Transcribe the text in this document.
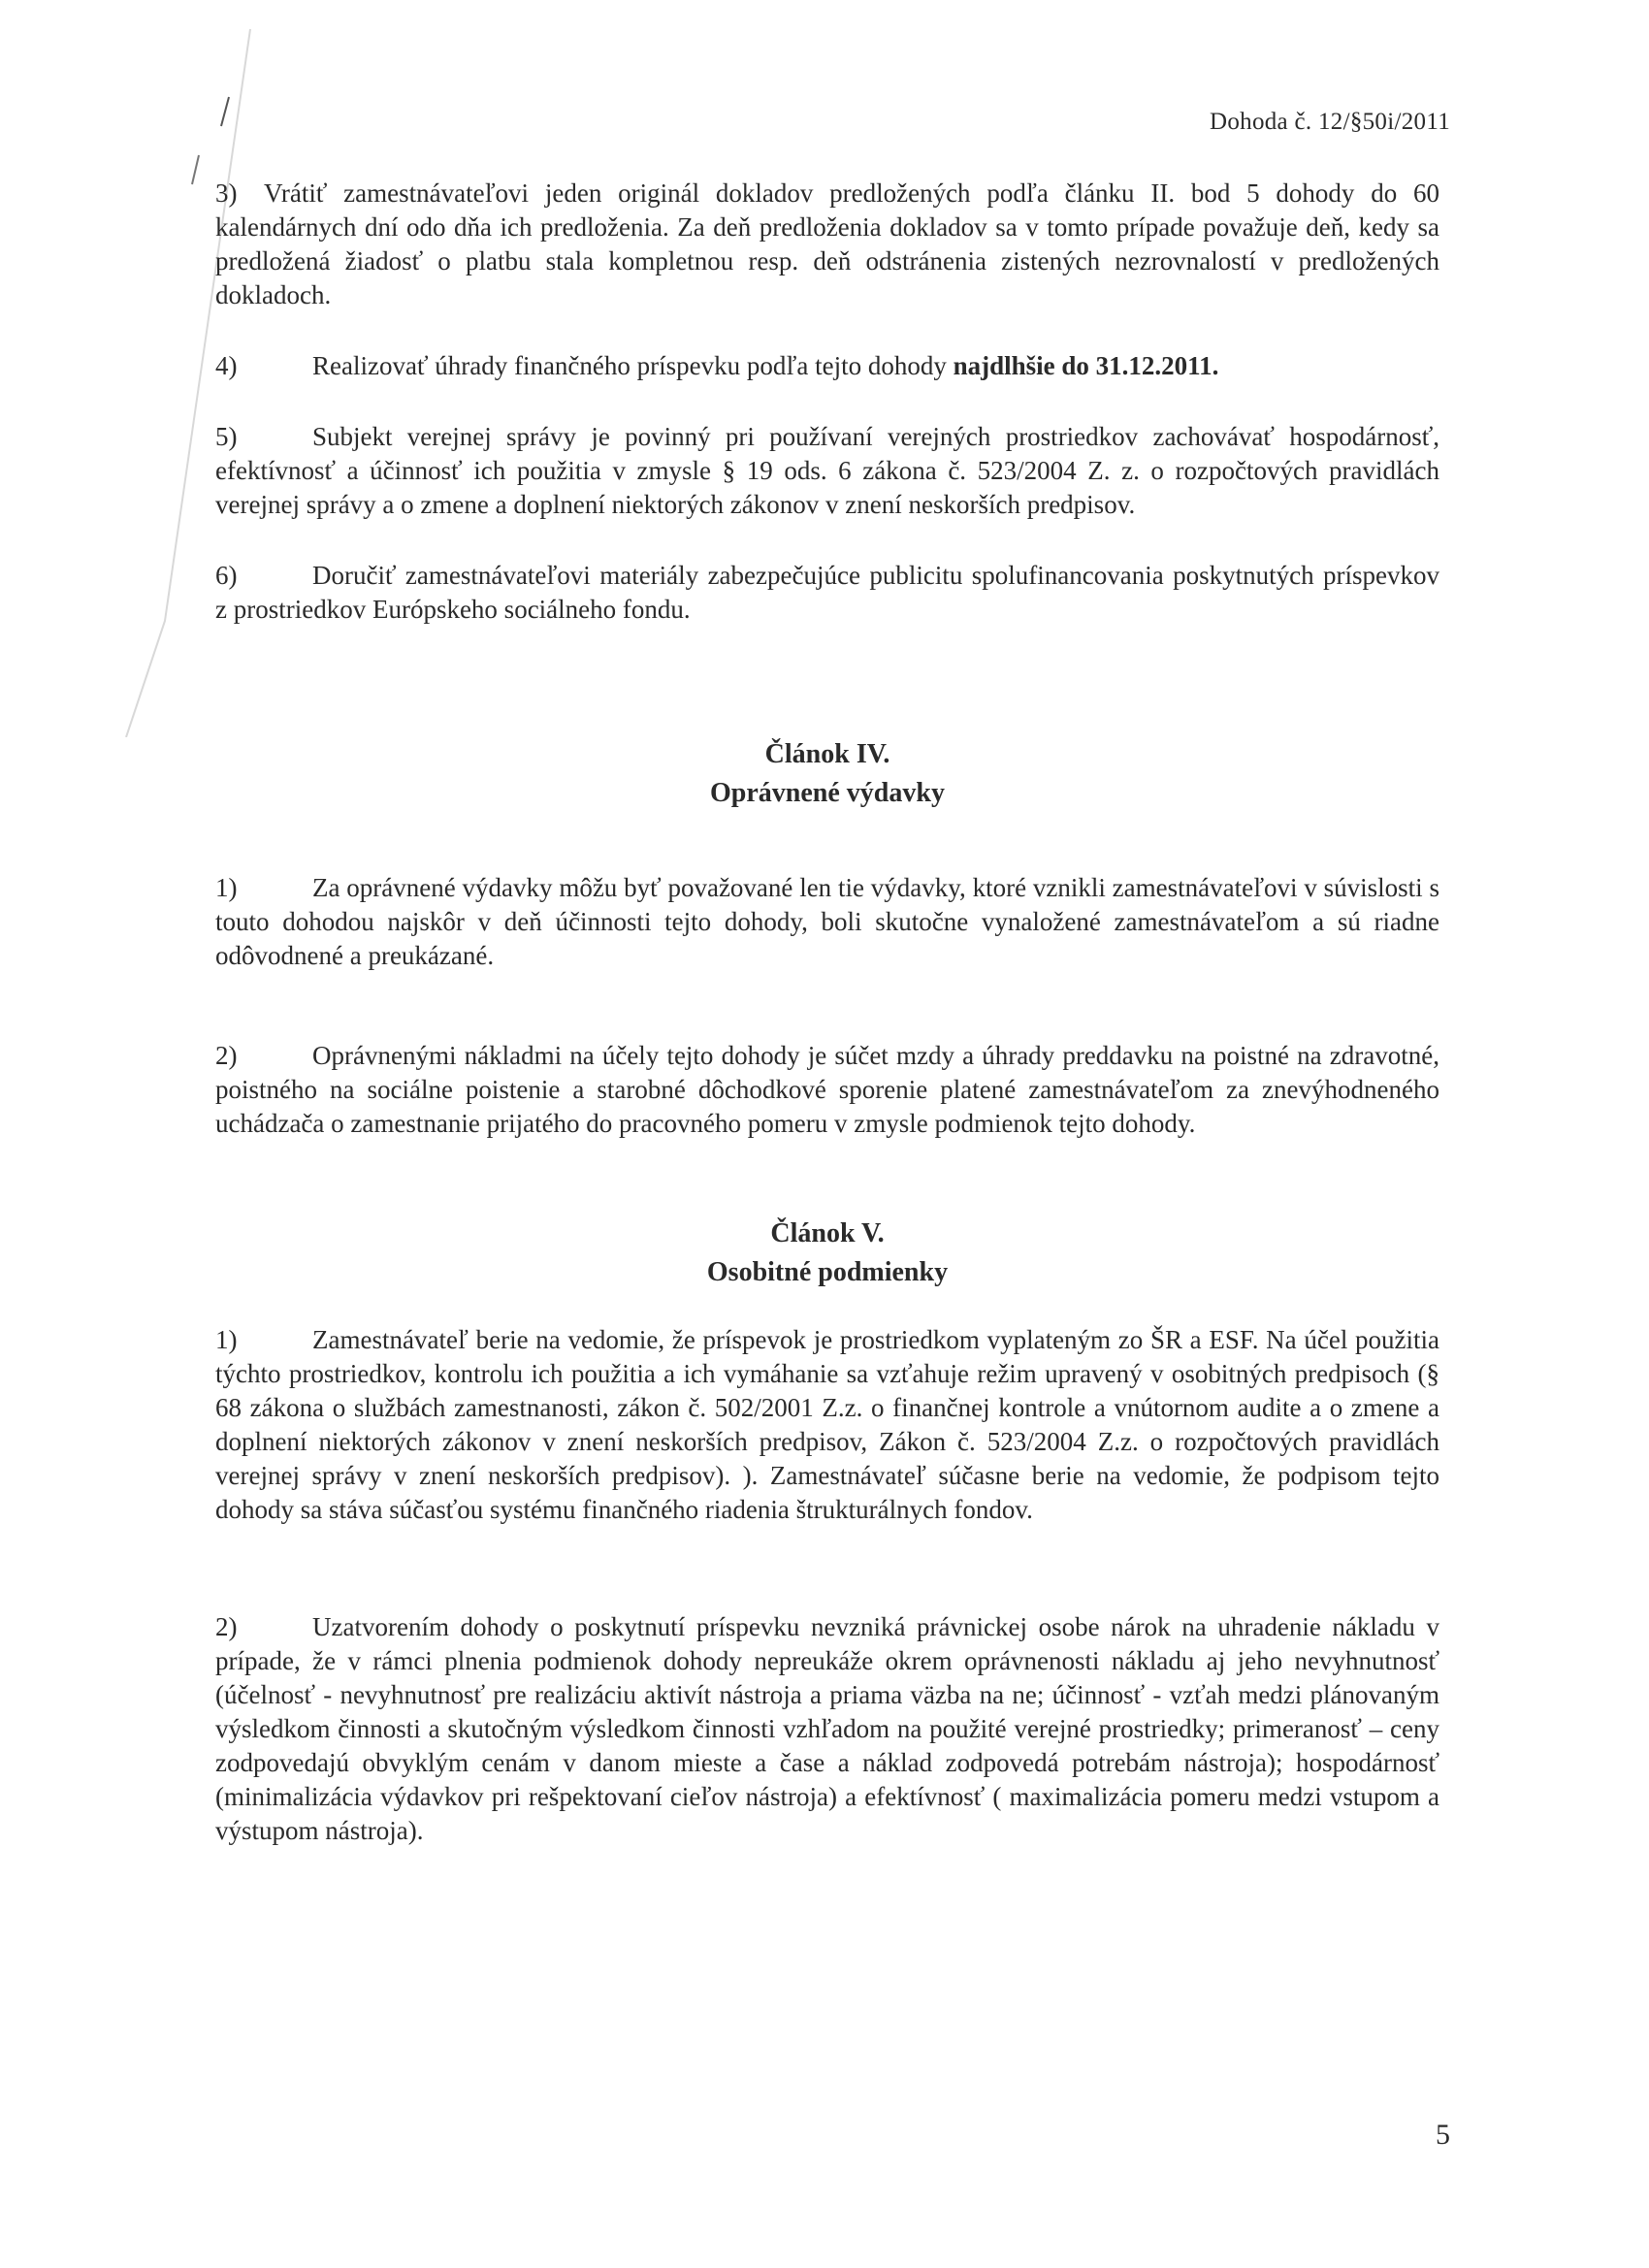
Dohoda č. 12/§50i/2011

3) Vrátiť zamestnávateľovi jeden originál dokladov predložených podľa článku II. bod 5 dohody do 60 kalendárnych dní odo dňa ich predloženia. Za deň predloženia dokladov sa v tomto prípade považuje deň, kedy sa predložená žiadosť o platbu stala kompletnou resp. deň odstránenia zistených nezrovnalostí v predložených dokladoch.

4)	Realizovať úhrady finančného príspevku podľa tejto dohody najdlhšie do 31.12.2011.

5)	Subjekt verejnej správy je povinný pri používaní verejných prostriedkov zachovávať hospodárnosť, efektívnosť a účinnosť ich použitia v zmysle § 19 ods. 6 zákona č. 523/2004 Z. z. o rozpočtových pravidlách verejnej správy a o zmene a doplnení niektorých zákonov v znení neskorších predpisov.

6)	Doručiť zamestnávateľovi materiály zabezpečujúce publicitu spolufinancovania poskytnutých príspevkov z prostriedkov Európskeho sociálneho fondu.

Článok IV.

Oprávnené výdavky

1)	Za oprávnené výdavky môžu byť považované len tie výdavky, ktoré vznikli zamestnávateľovi v súvislosti s touto dohodou najskôr v deň účinnosti tejto dohody, boli skutočne vynaložené zamestnávateľom a sú riadne odôvodnené a preukázané.

2)	Oprávnenými nákladmi na účely tejto dohody je súčet mzdy a úhrady preddavku na poistné na zdravotné, poistného na sociálne poistenie a starobné dôchodkové sporenie platené zamestnávateľom za znevýhodneného uchádzača o zamestnanie prijatého do pracovného pomeru v zmysle podmienok tejto dohody.

Článok V.

Osobitné podmienky

1)	Zamestnávateľ berie na vedomie, že príspevok je prostriedkom vyplateným zo ŠR a ESF. Na účel použitia týchto prostriedkov, kontrolu ich použitia a ich vymáhanie sa vzťahuje režim upravený v osobitných predpisoch (§ 68 zákona o službách zamestnanosti, zákon č. 502/2001 Z.z. o finančnej kontrole a vnútornom audite a o zmene a doplnení niektorých zákonov v znení neskorších predpisov, Zákon č. 523/2004 Z.z. o rozpočtových pravidlách verejnej správy v znení neskorších predpisov). ). Zamestnávateľ súčasne berie na vedomie, že podpisom tejto dohody sa stáva súčasťou systému finančného riadenia štrukturálnych fondov.

2)	Uzatvorením dohody o poskytnutí príspevku nevzniká právnickej osobe nárok na uhradenie nákladu v prípade, že v rámci plnenia podmienok dohody nepreukáže okrem oprávnenosti nákladu aj jeho nevyhnutnosť (účelnosť - nevyhnutnosť pre realizáciu aktivít nástroja a priama väzba na ne; účinnosť - vzťah medzi plánovaným výsledkom činnosti a skutočným výsledkom činnosti vzhľadom na použité verejné prostriedky; primeranosť – ceny zodpovedajú obvyklým cenám v danom mieste a čase a náklad zodpovedá potrebám nástroja); hospodárnosť (minimalizácia výdavkov pri rešpektovaní cieľov nástroja) a efektívnosť ( maximalizácia pomeru medzi vstupom a výstupom nástroja).

5
